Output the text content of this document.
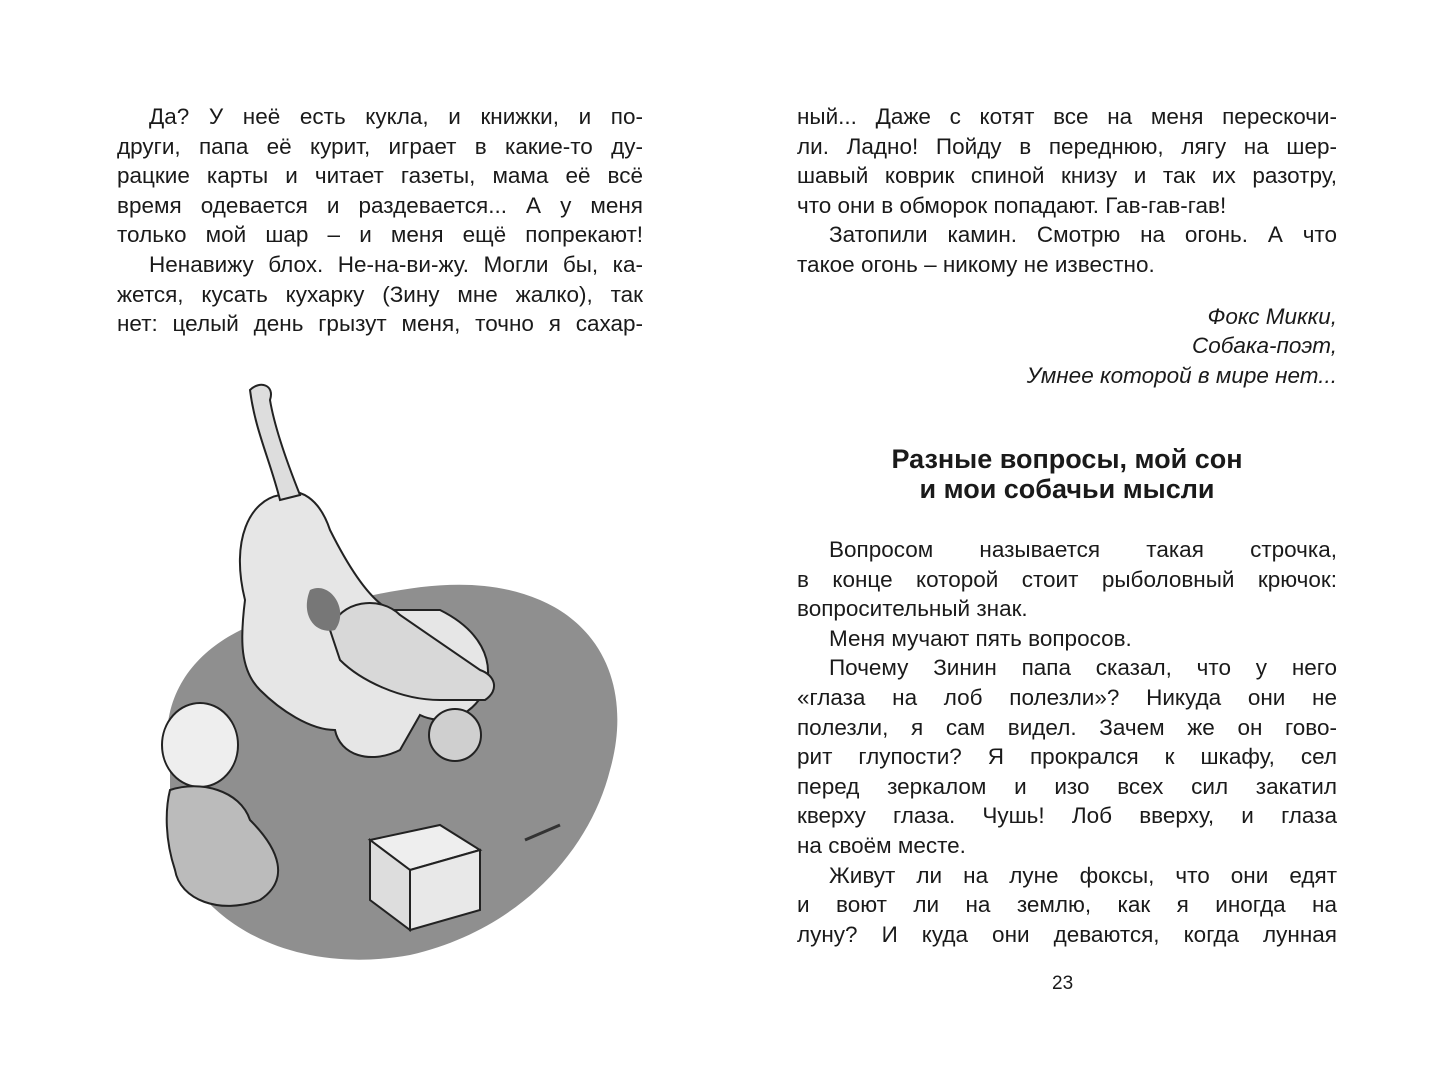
Да? У неё есть кукла, и книжки, и по-
други, папа её курит, играет в какие-то ду-
рацкие карты и читает газеты, мама её всё
время одевается и раздевается... А у меня
только мой шар – и меня ещё попрекают!
Ненавижу блох. Не-на-ви-жу. Могли бы, ка-
жется, кусать кухарку (Зину мне жалко), так
нет: целый день грызут меня, точно я сахар-
ный... Даже с котят все на меня перескочи-
ли. Ладно! Пойду в переднюю, лягу на шер-
шавый коврик спиной книзу и так их разотру,
что они в обморок попадают. Гав-гав-гав!
Затопили камин. Смотрю на огонь. А что
такое огонь – никому не известно.
Фокс Микки,
Собака-поэт,
Умнее которой в мире нет...
Разные вопросы, мой сон
и мои собачьи мысли
Вопросом называется такая строчка,
в конце которой стоит рыболовный крючок:
вопросительный знак.
Меня мучают пять вопросов.
Почему Зинин папа сказал, что у него
«глаза на лоб полезли»? Никуда они не
полезли, я сам видел. Зачем же он гово-
рит глупости? Я прокрался к шкафу, сел
перед зеркалом и изо всех сил закатил
кверху глаза. Чушь! Лоб вверху, и глаза
на своём месте.
Живут ли на луне фоксы, что они едят
и воют ли на землю, как я иногда на
луну? И куда они деваются, когда лунная
23
